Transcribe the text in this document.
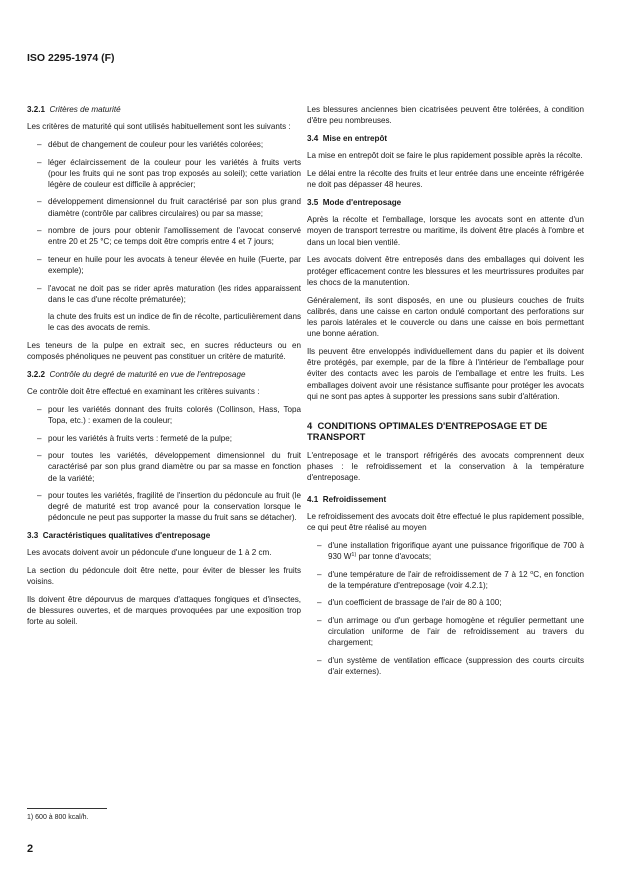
ISO 2295-1974 (F)
3.2.1 Critères de maturité

Les critères de maturité qui sont utilisés habituellement sont les suivants :

– début de changement de couleur pour les variétés colorées;
– léger éclaircissement de la couleur pour les variétés à fruits verts (pour les fruits qui ne sont pas trop exposés au soleil); cette variation légère de couleur est difficile à apprécier;
– développement dimensionnel du fruit caractérisé par son plus grand diamètre (contrôle par calibres circulaires) ou par sa masse;
– nombre de jours pour obtenir l'amollissement de l'avocat conservé entre 20 et 25 °C; ce temps doit être compris entre 4 et 7 jours;
– teneur en huile pour les avocats à teneur élevée en huile (Fuerte, par exemple);
– l'avocat ne doit pas se rider après maturation (les rides apparaissent dans le cas d'une récolte prématurée);
la chute des fruits est un indice de fin de récolte, particulièrement dans le cas des avocats de remis.

Les teneurs de la pulpe en extrait sec, en sucres réducteurs ou en composés phénoliques ne peuvent pas constituer un critère de maturité.

3.2.2 Contrôle du degré de maturité en vue de l'entreposage

Ce contrôle doit être effectué en examinant les critères suivants :

– pour les variétés donnant des fruits colorés (Collinson, Hass, Topa Topa, etc.) : examen de la couleur;
– pour les variétés à fruits verts : fermeté de la pulpe;
– pour toutes les variétés, développement dimensionnel du fruit caractérisé par son plus grand diamètre ou par sa masse en fonction de la variété;
– pour toutes les variétés, fragilité de l'insertion du pédoncule au fruit (le degré de maturité est trop avancé pour la conservation lorsque le pédoncule ne peut pas supporter la masse du fruit sans se détacher).
3.3 Caractéristiques qualitatives d'entreposage

Les avocats doivent avoir un pédoncule d'une longueur de 1 à 2 cm.

La section du pédoncule doit être nette, pour éviter de blesser les fruits voisins.

Ils doivent être dépourvus de marques d'attaques fongiques et d'insectes, de blessures ouvertes, et de marques provoquées par une exposition trop forte au soleil.

Les blessures anciennes bien cicatrisées peuvent être tolérées, à condition d'être peu nombreuses.

3.4 Mise en entrepôt

La mise en entrepôt doit se faire le plus rapidement possible après la récolte.

Le délai entre la récolte des fruits et leur entrée dans une enceinte réfrigérée ne doit pas dépasser 48 heures.

3.5 Mode d'entreposage

Après la récolte et l'emballage, lorsque les avocats sont en attente d'un moyen de transport terrestre ou maritime, ils doivent être placés à l'ombre et dans un local bien ventilé.

Les avocats doivent être entreposés dans des emballages qui doivent les protéger efficacement contre les blessures et les meurtrissures produites par les chocs de la manutention.

Généralement, ils sont disposés, en une ou plusieurs couches de fruits calibrés, dans une caisse en carton ondulé comportant des perforations sur les parois latérales et le couvercle ou dans une caisse en bois permettant une bonne aération.

Ils peuvent être enveloppés individuellement dans du papier et ils doivent être protégés, par exemple, par de la fibre à l'intérieur de l'emballage pour éviter des contacts avec les parois de l'emballage et entre les fruits. Les emballages doivent avoir une résistance suffisante pour protéger les avocats qui ne sont pas aptes à supporter les pressions sans subir d'altération.

4 CONDITIONS OPTIMALES D'ENTREPOSAGE ET DE TRANSPORT

L'entreposage et le transport réfrigérés des avocats comprennent deux phases : le refroidissement et la conservation à la température d'entreposage.

4.1 Refroidissement

Le refroidissement des avocats doit être effectué le plus rapidement possible, ce qui peut être réalisé au moyen

– d'une installation frigorifique ayant une puissance frigorifique de 700 à 930 $W^{1)}$ par tonne d'avocats;
– d'une température de l'air de refroidissement de 7 à 12 $^o$C, en fonction de la température d'entreposage (voir 4.2.1);
– d'un coefficient de brassage de l'air de 80 à 100;
– d'un arrimage ou d'un gerbage homogène et régulier permettant une circulation uniforme de l'air de refroidissement au travers du chargement;
– d'un système de ventilation efficace (suppression des courts circuits d'air externes).
1) 600 à 800 kcal/h.
2
